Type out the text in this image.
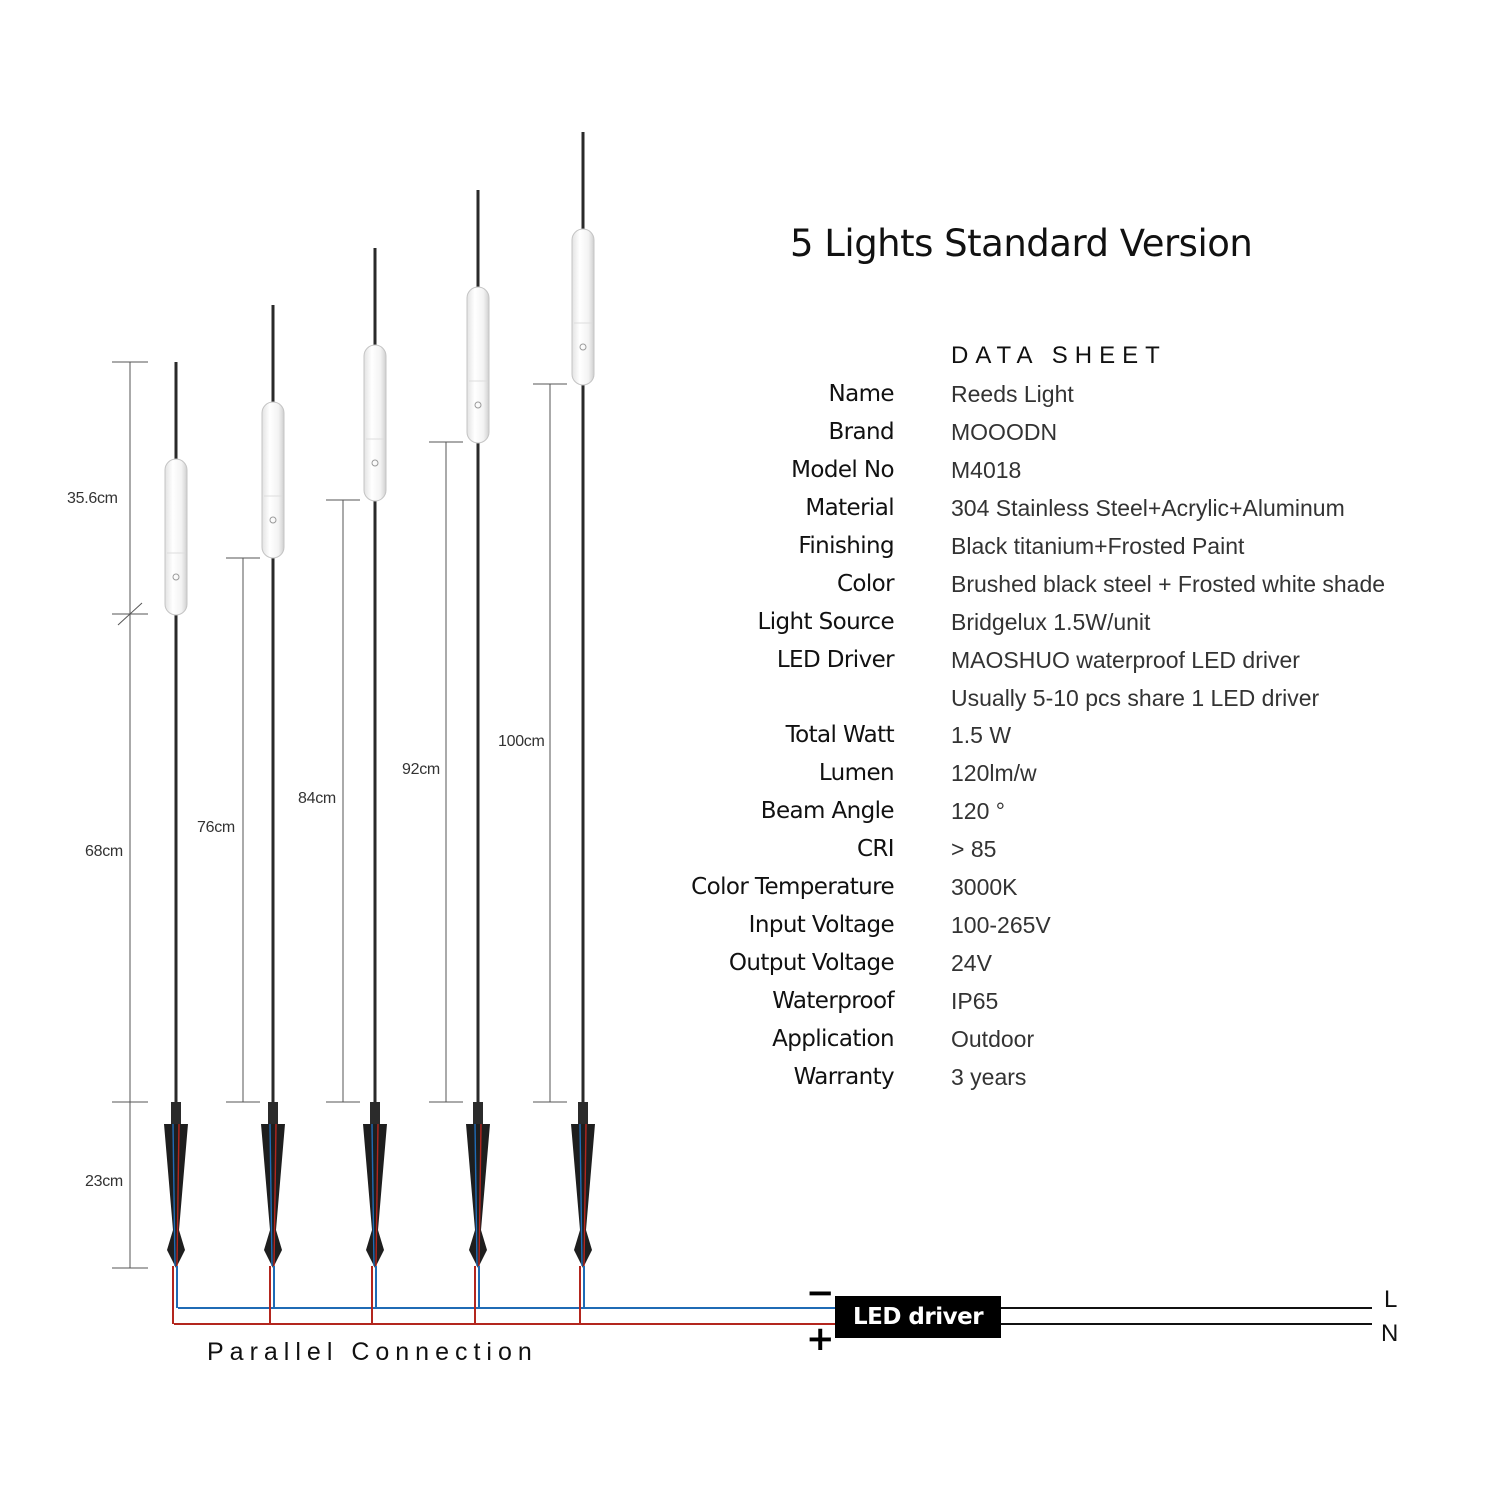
5 Lights Standard Version
DATA SHEET
Name Reeds Light
Brand MOOODN
Model No M4018
Material 304 Stainless Steel+Acrylic+Aluminum
Finishing Black titanium+Frosted Paint
Color Brushed black steel + Frosted white shade
Light Source Bridgelux 1.5W/unit
LED Driver MAOSHUO waterproof LED driver
Usually 5-10 pcs share 1 LED driver
Total Watt 1.5 W
Lumen 120lm/w
Beam Angle 120 °
CRI > 85
Color Temperature 3000K
Input Voltage 100-265V
Output Voltage 24V
Waterproof IP65
Application Outdoor
Warranty 3 years
35.6cm
68cm
23cm
76cm
84cm
92cm
100cm
Parallel Connection
LED driver
−
+
L
N
